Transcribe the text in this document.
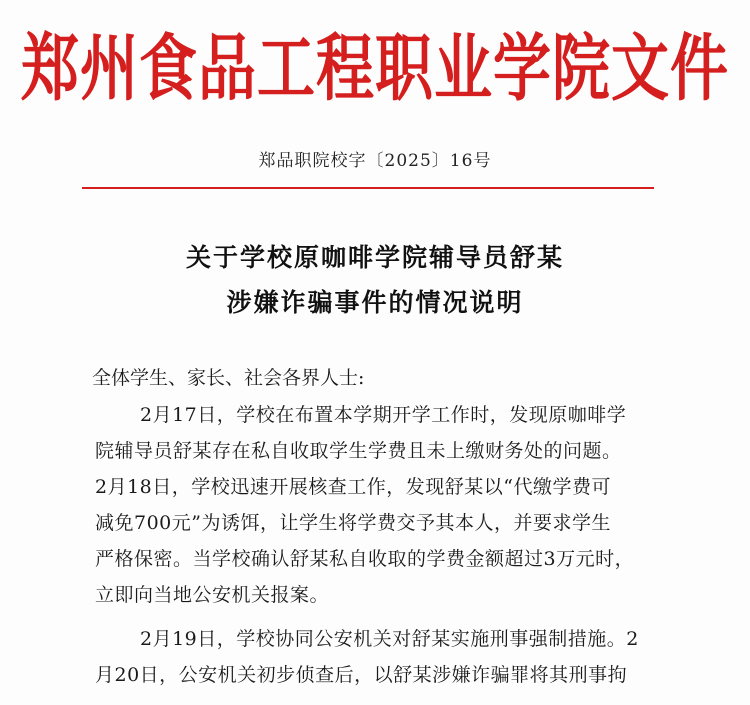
郑州食品工程职业学院文件
郑品职院校字〔2025〕16号
关于学校原咖啡学院辅导员舒某
涉嫌诈骗事件的情况说明
全体学生、家长、社会各界人士:
2月17日，学校在布置本学期开学工作时，发现原咖啡学
院辅导员舒某存在私自收取学生学费且未上缴财务处的问题。
2月18日，学校迅速开展核查工作，发现舒某以“代缴学费可
减免700元”为诱饵，让学生将学费交予其本人，并要求学生
严格保密。当学校确认舒某私自收取的学费金额超过3万元时，
立即向当地公安机关报案。
2月19日，学校协同公安机关对舒某实施刑事强制措施。2
月20日，公安机关初步侦查后，以舒某涉嫌诈骗罪将其刑事拘
